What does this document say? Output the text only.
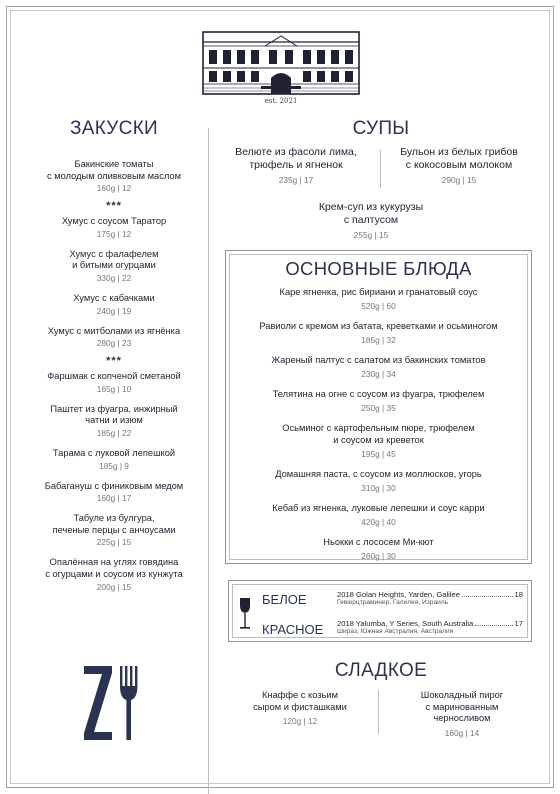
est. 2021
ЗАКУСКИ
Бакинские томаты
с молодым оливковым маслом
160g | 12
***
Хумус с соусом Таратор
175g | 12
Хумус с фалафелем
и битыми огурцами
330g | 22
Хумус с кабачками
240g | 19
Хумус с митболами из ягнёнка
280g | 23
***
Фаршмак с копченой сметаной
165g | 10
Паштет из фуагра, инжирный
чатни и изюм
185g | 22
Тарама с луковой лепешкой
185g | 9
Бабагануш с финиковым медом
160g | 17
Табуле из булгура,
печеные перцы с анчоусами
225g | 15
Опалённая на углях говядина
с огурцами и соусом из кунжута
200g | 15
СУПЫ
Велюте из фасоли лима,
трюфель и ягненок
235g | 17
Бульон из белых грибов
с кокосовым молоком
290g | 15
Крем-суп из кукурузы
с палтусом
255g | 15
ОСНОВНЫЕ БЛЮДА
Каре ягненка, рис бириани и гранатовый соус
520g | 60
Равиоли с кремом из батата, креветками и осьминогом
185g | 32
Жареный палтус с салатом из бакинских томатов
230g | 34
Телятина на огне с соусом из фуагра, трюфелем
250g | 35
Осьминог с картофельным пюре, трюфелем
и соусом из креветок
195g | 45
Домашняя паста, с соусом из моллюсков, угорь
310g | 30
Кебаб из ягненка, луковые лепешки и соус карри
420g | 40
Ньокки с лососем Ми-кют
260g | 30
БЕЛОЕ	2018 Golan Heights, Yarden, Galilee	18
Гевюрцтраминер, Галилея, Израиль
КРАСНОЕ 2018 Yalumba, Y Series, South Australia	17
Шираз, Южная Австралия, Австралия
СЛАДКОЕ
Кнаффе с козьим
сыром и фисташками
120g | 12
Шоколадный пирог
с маринованным
черносливом
160g | 14
